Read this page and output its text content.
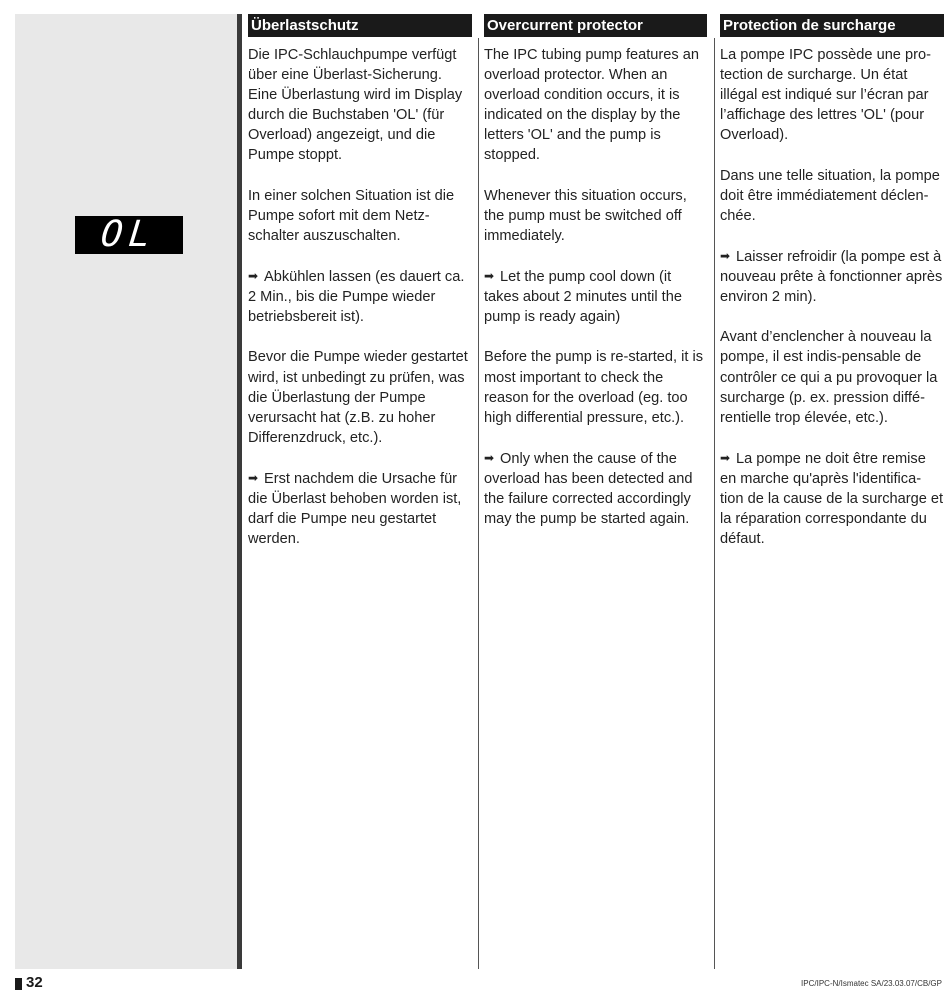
OL
Überlastschutz

Die IPC-Schlauchpumpe verfügt über eine Überlast-Sicherung. Eine Überlastung wird im Display durch die Buchstaben 'OL' (für Overload) angezeigt, und die Pumpe stoppt.

In einer solchen Situation ist die Pumpe sofort mit dem Netz-schalter auszuschalten.

➡ Abkühlen lassen (es dauert ca. 2 Min., bis die Pumpe wieder betriebsbereit ist).

Bevor die Pumpe wieder gestartet wird, ist unbedingt zu prüfen, was die Überlastung der Pumpe verursacht hat (z.B. zu hoher Differenzdruck, etc.).

➡ Erst nachdem die Ursache für die Überlast behoben worden ist, darf die Pumpe neu gestartet werden.

Overcurrent protector

The IPC tubing pump features an overload protector. When an overload condition occurs, it is indicated on the display by the letters 'OL' and the pump is stopped.

Whenever this situation occurs, the pump must be switched off immediately.

➡ Let the pump cool down (it takes about 2 minutes until the pump is ready again)

Before the pump is re-started, it is most important to check the reason for the overload (eg. too high differential pressure, etc.).

➡ Only when the cause of the overload has been detected and the failure corrected accordingly may the pump be started again.

Protection de surcharge

La pompe IPC possède une pro-tection de surcharge. Un état illégal est indiqué sur l’écran par l’affichage des lettres 'OL' (pour Overload).

Dans une telle situation, la pompe doit être immédiatement déclen-chée.

➡ Laisser refroidir (la pompe est à nouveau prête à fonctionner après environ 2 min).

Avant d’enclencher à nouveau la pompe, il est indis-pensable de contrôler ce qui a pu provoquer la surcharge (p. ex. pression diffé-rentielle trop élevée, etc.).

➡ La pompe ne doit être remise en marche qu'après l'identifica-tion de la cause de la surcharge et la réparation correspondante du défaut.

32	IPC/IPC-N/Ismatec SA/23.03.07/CB/GP
